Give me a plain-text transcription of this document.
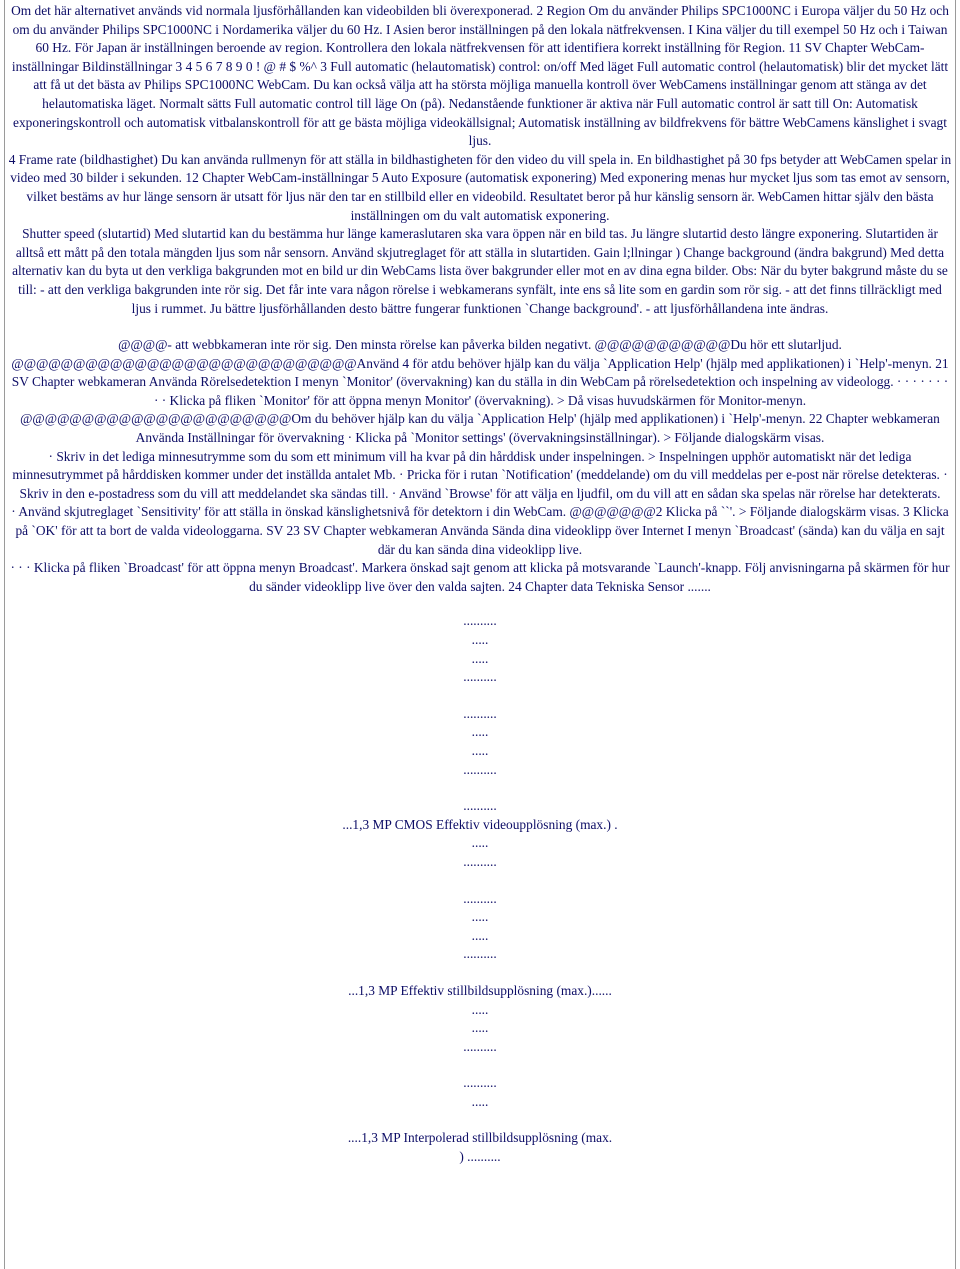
Om det här alternativet används vid normala ljusförhållanden kan videobilden bli överexponerad. 2 Region Om du använder Philips SPC1000NC i Europa väljer du 50 Hz och om du använder Philips SPC1000NC i Nordamerika väljer du 60 Hz. I Asien beror inställningen på den lokala nätfrekvensen. I Kina väljer du till exempel 50 Hz och i Taiwan 60 Hz. För Japan är inställningen beroende av region. Kontrollera den lokala nätfrekvensen för att identifiera korrekt inställning för Region. 11 SV Chapter WebCam-inställningar Bildinställningar 3 4 5 6 7 8 9 0 ! @ # $ %^ 3 Full automatic (helautomatisk) control: on/off Med läget Full automatic control (helautomatisk) blir det mycket lätt att få ut det bästa av Philips SPC1000NC WebCam. Du kan också välja att ha största möjliga manuella kontroll över WebCamens inställningar genom att stänga av det helautomatiska läget. Normalt sätts Full automatic control till läge On (på). Nedanstående funktioner är aktiva när Full automatic control är satt till On: Automatisk exponeringskontroll och automatisk vitbalanskontroll för att ge bästa möjliga videokällsignal; Automatisk inställning av bildfrekvens för bättre WebCamens känslighet i svagt ljus.

4 Frame rate (bildhastighet) Du kan använda rullmenyn för att ställa in bildhastigheten för den video du vill spela in. En bildhastighet på 30 fps betyder att WebCamen spelar in video med 30 bilder i sekunden. 12 Chapter WebCam-inställningar 5 Auto Exposure (automatisk exponering) Med exponering menas hur mycket ljus som tas emot av sensorn, vilket bestäms av hur länge sensorn är utsatt för ljus när den tar en stillbild eller en videobild. Resultatet beror på hur känslig sensorn är. WebCamen hittar själv den bästa inställningen om du valt automatisk exponering.

Shutter speed (slutartid) Med slutartid kan du bestämma hur länge kameraslutaren ska vara öppen när en bild tas. Ju längre slutartid desto längre exponering. Slutartiden är alltså ett mått på den totala mängden ljus som når sensorn. Använd skjutreglaget för att ställa in slutartiden. Gain l;llningar ) Change background (ändra bakgrund) Med detta alternativ kan du byta ut den verkliga bakgrunden mot en bild ur din WebCams lista över bakgrunder eller mot en av dina egna bilder. Obs: När du byter bakgrund måste du se till: - att den verkliga bakgrunden inte rör sig. Det får inte vara någon rörelse i webkamerans synfält, inte ens så lite som en gardin som rör sig. - att det finns tillräckligt med ljus i rummet. Ju bättre ljusförhållanden desto bättre fungerar funktionen `Change background'. - att ljusförhållandena inte ändras.

@@@@- att webbkameran inte rör sig. Den minsta rörelse kan påverka bilden negativt. @@@@@@@@@@@Du hör ett slutarljud. @@@@@@@@@@@@@@@@@@@@@@@@@@@@Använd 4 för atdu behöver hjälp kan du välja `Application Help' (hjälp med applikationen) i `Help'-menyn. 21 SV Chapter webkameran Använda Rörelsedetektion I menyn `Monitor' (övervakning) kan du ställa in din WebCam på rörelsedetektion och inspelning av videologg. · · · · · · · · · Klicka på fliken `Monitor' för att öppna menyn Monitor' (övervakning). > Då visas huvudskärmen för Monitor-menyn. @@@@@@@@@@@@@@@@@@@@@@Om du behöver hjälp kan du välja `Application Help' (hjälp med applikationen) i `Help'-menyn. 22 Chapter webkameran Använda Inställningar för övervakning · Klicka på `Monitor settings' (övervakningsinställningar). > Följande dialogskärm visas.

· Skriv in det lediga minnesutrymme som du som ett minimum vill ha kvar på din hårddisk under inspelningen. > Inspelningen upphör automatiskt när det lediga minnesutrymmet på hårddisken kommer under det inställda antalet Mb. · Pricka för i rutan `Notification' (meddelande) om du vill meddelas per e-post när rörelse detekteras. · Skriv in den e-postadress som du vill att meddelandet ska sändas till. · Använd `Browse' för att välja en ljudfil, om du vill att en sådan ska spelas när rörelse har detekterats.

· Använd skjutreglaget `Sensitivity' för att ställa in önskad känslighetsnivå för detektorn i din WebCam. @@@@@@@2 Klicka på ``'. > Följande dialogskärm visas. 3 Klicka på `OK' för att ta bort de valda videologgarna. SV 23 SV Chapter webkameran Använda Sända dina videoklipp över Internet I menyn `Broadcast' (sända) kan du välja en sajt där du kan sända dina videoklipp live.

· · · Klicka på fliken `Broadcast' för att öppna menyn Broadcast'. Markera önskad sajt genom att klicka på motsvarande `Launch'-knapp. Följ anvisningarna på skärmen för hur du sänder videoklipp live över den valda sajten. 24 Chapter data Tekniska Sensor .......

..........
.....
.....
..........
..........
.....
.....
..........
..........

...1,3 MP CMOS Effektiv videoupplösning (max.) .

.....
..........
..........
.....
.....
..........

...1,3 MP Effektiv stillbildsupplösning (max.)......

.....
.....
..........
..........
.....

....1,3 MP Interpolerad stillbildsupplösning (max.

) ..........
